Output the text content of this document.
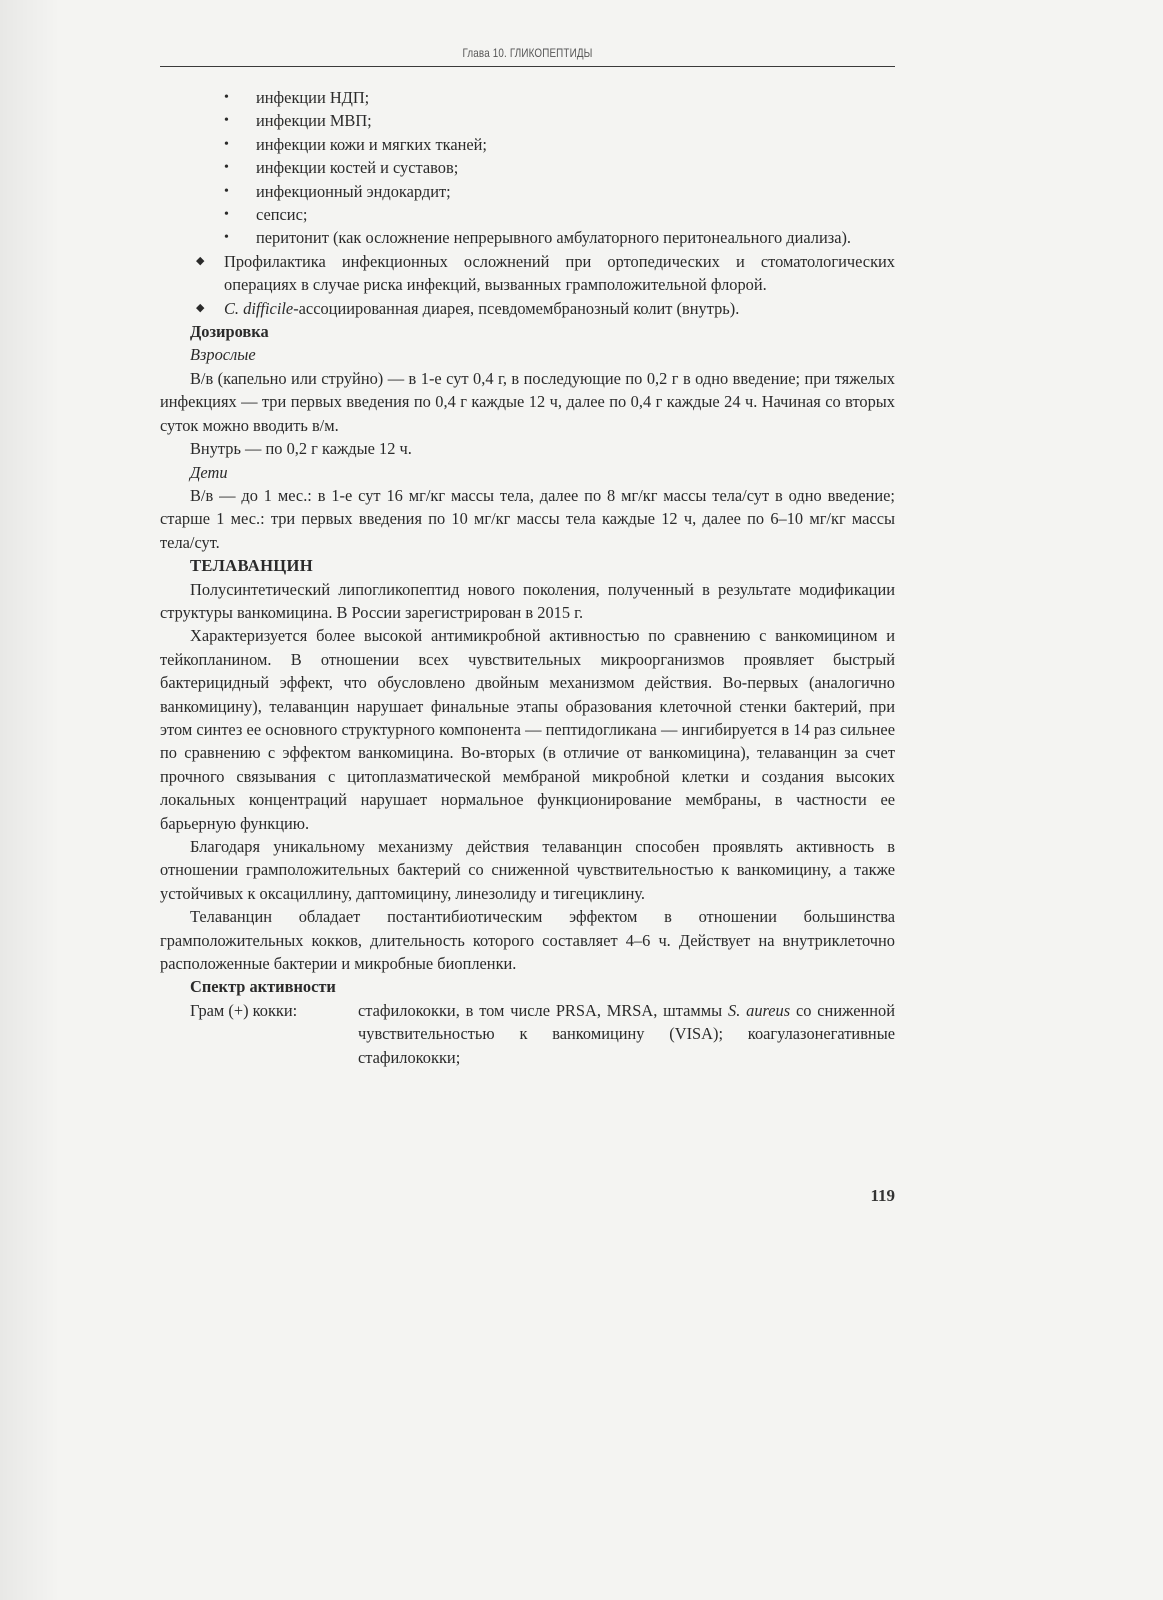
Глава 10. ГЛИКОПЕПТИДЫ

• инфекции НДП;

• инфекции МВП;

• инфекции кожи и мягких тканей;

• инфекции костей и суставов;

• инфекционный эндокардит;

• сепсис;

• перитонит (как осложнение непрерывного амбулаторного перитонеального диализа).

◆ Профилактика инфекционных осложнений при ортопедических и стоматологических операциях в случае риска инфекций, вызванных грамположительной флорой.

◆ C. difficile-ассоциированная диарея, псевдомембранозный колит (внутрь).

Дозировка

Взрослые

В/в (капельно или струйно) — в 1-е сут 0,4 г, в последующие по 0,2 г в одно введение; при тяжелых инфекциях — три первых введения по 0,4 г каждые 12 ч, далее по 0,4 г каждые 24 ч. Начиная со вторых суток можно вводить в/м.

Внутрь — по 0,2 г каждые 12 ч.

Дети

В/в — до 1 мес.: в 1-е сут 16 мг/кг массы тела, далее по 8 мг/кг массы тела/сут в одно введение; старше 1 мес.: три первых введения по 10 мг/кг массы тела каждые 12 ч, далее по 6–10 мг/кг массы тела/сут.

ТЕЛАВАНЦИН

Полусинтетический липогликопептид нового поколения, полученный в результате модификации структуры ванкомицина. В России зарегистрирован в 2015 г.

Характеризуется более высокой антимикробной активностью по сравнению с ванкомицином и тейкопланином. В отношении всех чувствительных микроорганизмов проявляет быстрый бактерицидный эффект, что обусловлено двойным механизмом действия. Во-первых (аналогично ванкомицину), телаванцин нарушает финальные этапы образования клеточной стенки бактерий, при этом синтез ее основного структурного компонента — пептидогликана — ингибируется в 14 раз сильнее по сравнению с эффектом ванкомицина. Во-вторых (в отличие от ванкомицина), телаванцин за счет прочного связывания с цитоплазматической мембраной микробной клетки и создания высоких локальных концентраций нарушает нормальное функционирование мембраны, в частности ее барьерную функцию.

Благодаря уникальному механизму действия телаванцин способен проявлять активность в отношении грамположительных бактерий со сниженной чувствительностью к ванкомицину, а также устойчивых к оксациллину, даптомицину, линезолиду и тигециклину.

Телаванцин обладает постантибиотическим эффектом в отношении большинства грамположительных кокков, длительность которого составляет 4–6 ч. Действует на внутриклеточно расположенные бактерии и микробные биопленки.

Спектр активности

Грам (+) кокки:	стафилококки, в том числе PRSA, MRSA, штаммы S. aureus со сниженной чувствительностью к ванкомицину (VISA); коагулазонегативные стафилококки;
119
